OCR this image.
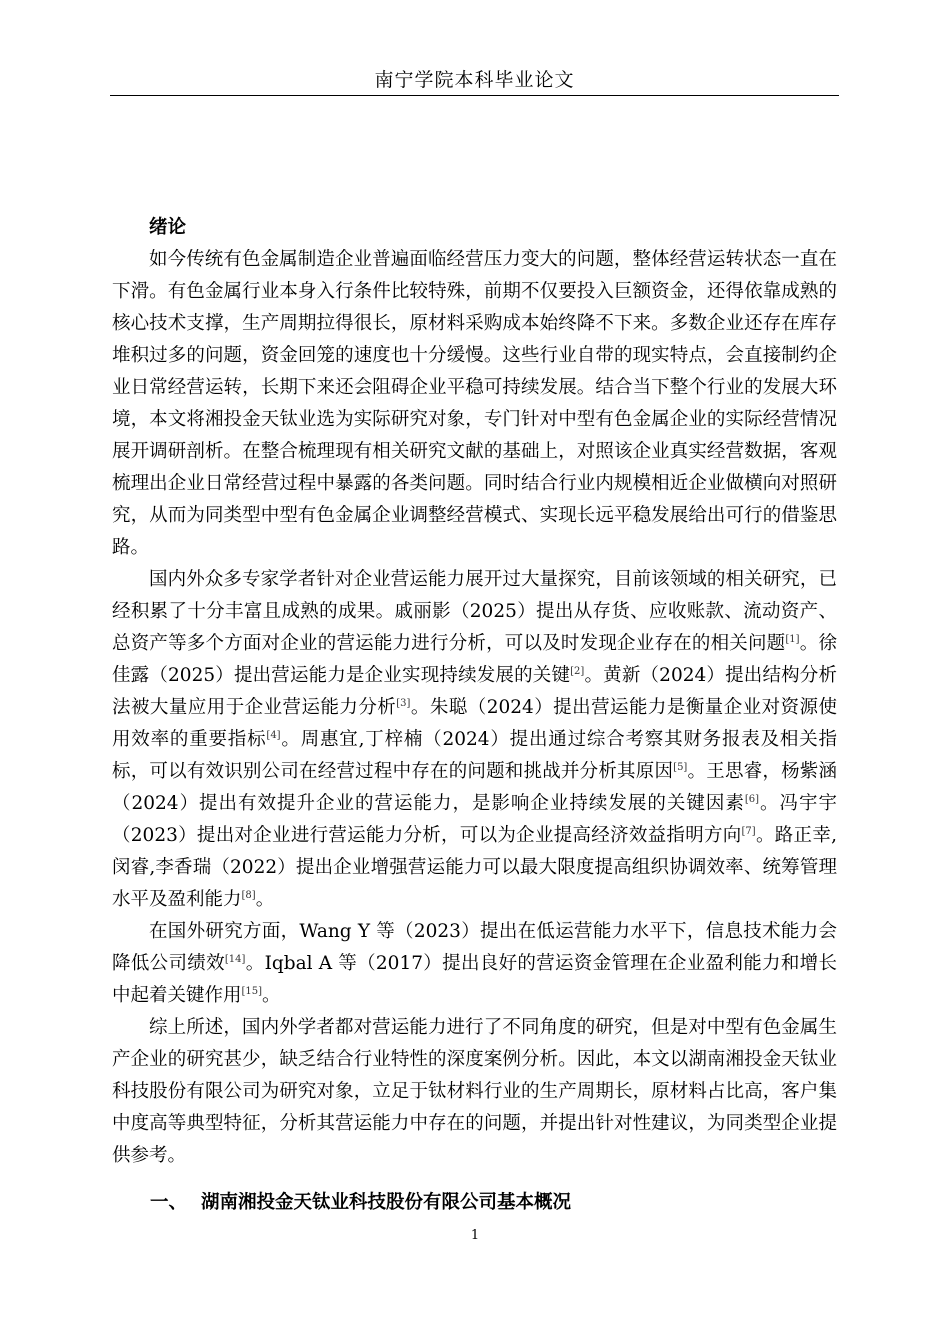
南宁学院本科毕业论文

绪论

如今传统有色金属制造企业普遍面临经营压力变大的问题，整体经营运转状态一直在下滑。有色金属行业本身入行条件比较特殊，前期不仅要投入巨额资金，还得依靠成熟的核心技术支撑，生产周期拉得很长，原材料采购成本始终降不下来。多数企业还存在库存堆积过多的问题，资金回笼的速度也十分缓慢。这些行业自带的现实特点，会直接制约企业日常经营运转，长期下来还会阻碍企业平稳可持续发展。结合当下整个行业的发展大环境，本文将湘投金天钛业选为实际研究对象，专门针对中型有色金属企业的实际经营情况展开调研剖析。在整合梳理现有相关研究文献的基础上，对照该企业真实经营数据，客观梳理出企业日常经营过程中暴露的各类问题。同时结合行业内规模相近企业做横向对照研究，从而为同类型中型有色金属企业调整经营模式、实现长远平稳发展给出可行的借鉴思路。

国内外众多专家学者针对企业营运能力展开过大量探究，目前该领域的相关研究，已经积累了十分丰富且成熟的成果。戚丽影（2025）提出从存货、应收账款、流动资产、总资产等多个方面对企业的营运能力进行分析，可以及时发现企业存在的相关问题[1]。徐佳露（2025）提出营运能力是企业实现持续发展的关键[2]。黄新（2024）提出结构分析法被大量应用于企业营运能力分析[3]。朱聪（2024）提出营运能力是衡量企业对资源使用效率的重要指标[4]。周惠宜,丁梓楠（2024）提出通过综合考察其财务报表及相关指标，可以有效识别公司在经营过程中存在的问题和挑战并分析其原因[5]。王思睿，杨紫涵（2024）提出有效提升企业的营运能力，是影响企业持续发展的关键因素[6]。冯宇宇（2023）提出对企业进行营运能力分析，可以为企业提高经济效益指明方向[7]。路正幸,闵睿,李香瑞（2022）提出企业增强营运能力可以最大限度提高组织协调效率、统筹管理水平及盈利能力[8]。

在国外研究方面，Wang Y 等（2023）提出在低运营能力水平下，信息技术能力会降低公司绩效[14]。Iqbal A 等（2017）提出良好的营运资金管理在企业盈利能力和增长中起着关键作用[15]。

综上所述，国内外学者都对营运能力进行了不同角度的研究，但是对中型有色金属生产企业的研究甚少，缺乏结合行业特性的深度案例分析。因此，本文以湖南湘投金天钛业科技股份有限公司为研究对象，立足于钛材料行业的生产周期长，原材料占比高，客户集中度高等典型特征，分析其营运能力中存在的问题，并提出针对性建议，为同类型企业提供参考。

一、 湖南湘投金天钛业科技股份有限公司基本概况

1
